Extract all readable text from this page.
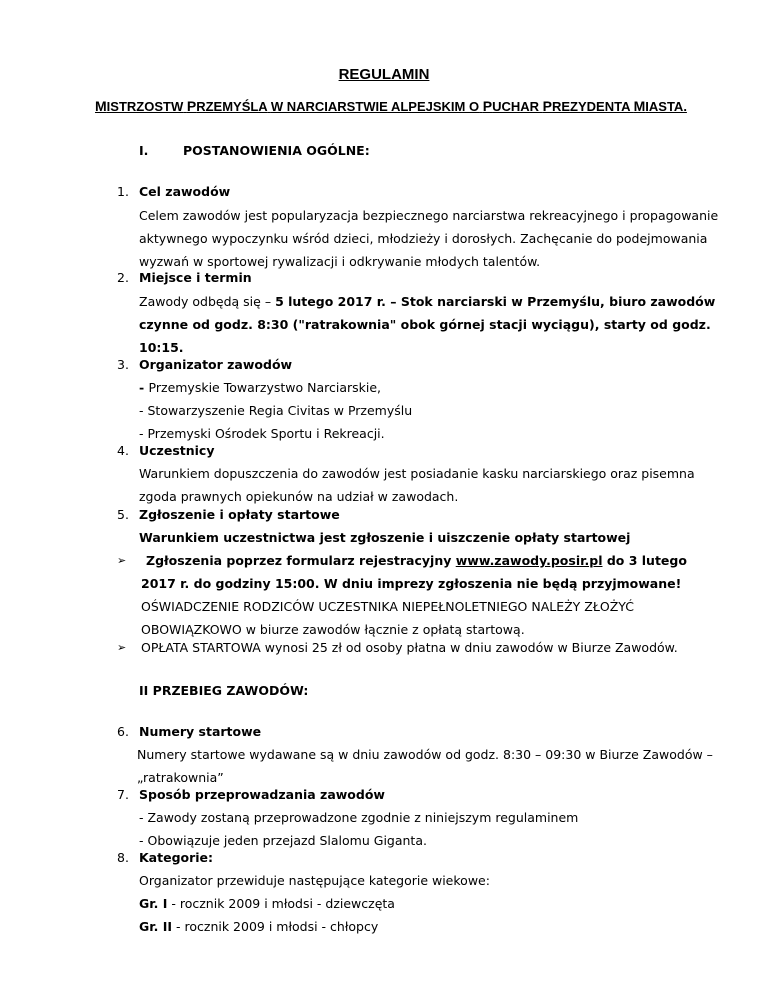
REGULAMIN
MISTRZOSTW PRZEMYŚLA W NARCIARSTWIE ALPEJSKIM O PUCHAR PREZYDENTA MIASTA.
I.	POSTANOWIENIA OGÓLNE:
1. Cel zawodów
Celem zawodów jest popularyzacja bezpiecznego narciarstwa rekreacyjnego i propagowanie
aktywnego wypoczynku wśród dzieci, młodzieży i dorosłych. Zachęcanie do podejmowania
wyzwań w sportowej rywalizacji i odkrywanie młodych talentów.
2. Miejsce i termin
Zawody odbędą się – 5 lutego 2017 r. – Stok narciarski w Przemyślu, biuro zawodów
czynne od godz. 8:30 ("ratrakownia" obok górnej stacji wyciągu), starty od godz.
10:15.
3. Organizator zawodów
- Przemyskie Towarzystwo Narciarskie,
- Stowarzyszenie Regia Civitas w Przemyślu
- Przemyski Ośrodek Sportu i Rekreacji.
4. Uczestnicy
Warunkiem dopuszczenia do zawodów jest posiadanie kasku narciarskiego oraz pisemna
zgoda prawnych opiekunów na udział w zawodach.
5. Zgłoszenie i opłaty startowe
Warunkiem uczestnictwa jest zgłoszenie i uiszczenie opłaty startowej
➢ Zgłoszenia poprzez formularz rejestracyjny www.zawody.posir.pl do 3 lutego
2017 r. do godziny 15:00. W dniu imprezy zgłoszenia nie będą przyjmowane!
OŚWIADCZENIE RODZICÓW UCZESTNIKA NIEPEŁNOLETNIEGO NALEŻY ZŁOŻYĆ
OBOWIĄZKOWO w biurze zawodów łącznie z opłatą startową.
➢ OPŁATA STARTOWA wynosi 25 zł od osoby płatna w dniu zawodów w Biurze Zawodów.
II PRZEBIEG ZAWODÓW:
6. Numery startowe
Numery startowe wydawane są w dniu zawodów od godz. 8:30 – 09:30 w Biurze Zawodów –
„ratrakownia”
7. Sposób przeprowadzania zawodów
- Zawody zostaną przeprowadzone zgodnie z niniejszym regulaminem
- Obowiązuje jeden przejazd Slalomu Giganta.
8. Kategorie:
Organizator przewiduje następujące kategorie wiekowe:
Gr. I - rocznik 2009 i młodsi - dziewczęta
Gr. II - rocznik 2009 i młodsi - chłopcy
